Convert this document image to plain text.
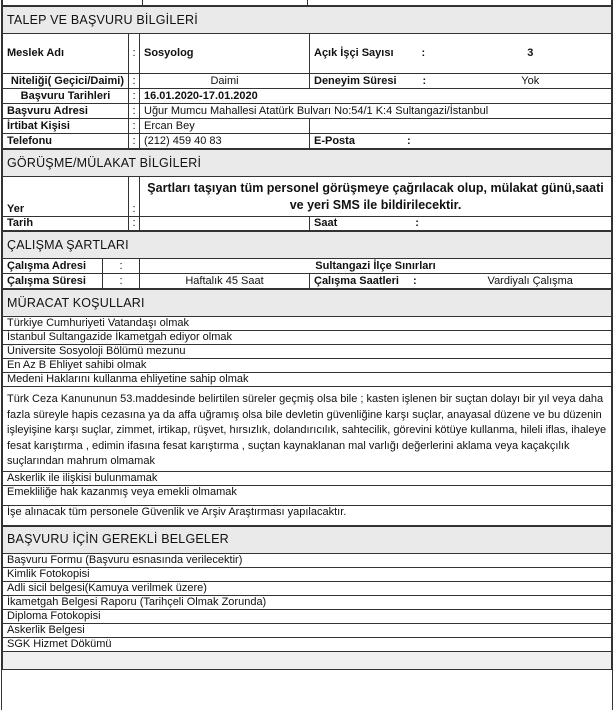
TALEP VE BAŞVURU BİLGİLERİ				
Meslek Adı	:	Sosyolog	Açık İşçi Sayısı :	3
Niteliği( Geçici/Daimi)	:	Daimi	Deneyim Süresi :	Yok
Başvuru Tarihleri	:	16.01.2020-17.01.2020		
Başvuru Adresi	:	Uğur Mumcu Mahallesi Atatürk Bulvarı No:54/1 K:4 Sultangazi/İstanbul		
İrtibat Kişisi	:	Ercan Bey		
Telefonu	:	(212) 459 40 83	E-Posta :	
GÖRÜŞME/MÜLAKAT BİLGİLERİ			
Yer	:	Şartları taşıyan tüm personel görüşmeye çağrılacak olup, mülakat günü,saati ve yeri SMS ile bildirilecektir.	
Tarih	:		Saat :
ÇALIŞMA ŞARTLARI				
Çalışma Adresi	:	Sultangazi İlçe Sınırları		
Çalışma Süresi	:	Haftalık 45 Saat	Çalışma Saatleri :	Vardiyalı Çalışma
MÜRACAT KOŞULLARI
Türkiye Cumhuriyeti Vatandaşı olmak
İstanbul Sultangazide İkametgah ediyor olmak
Üniversite Sosyoloji Bölümü mezunu
En Az B Ehliyet sahibi olmak
Medeni Haklarını kullanma ehliyetine sahip olmak
Türk Ceza Kanununun 53.maddesinde belirtilen süreler geçmiş olsa bile ; kasten işlenen bir suçtan dolayı bir yıl veya daha fazla süreyle hapis cezasına ya da affa uğramış olsa bile devletin güvenliğine karşı suçlar, anayasal düzene ve bu düzenin işleyişine karşı suçlar, zimmet, irtikap, rüşvet, hırsızlık, dolandırıcılık, sahtecilik, görevini kötüye kullanma, hileli iflas, ihaleye fesat karıştırma , edimin ifasına fesat karıştırma , suçtan kaynaklanan mal varlığı değerlerini aklama veya kaçakçılık suçlarından mahrum olmamak
Askerlik ile ilişkisi bulunmamak
Emekliliğe hak kazanmış veya emekli olmamak
İşe alınacak tüm personele Güvenlik ve Arşiv Araştırması yapılacaktır.
BAŞVURU İÇİN GEREKLİ BELGELER
Başvuru Formu (Başvuru esnasında verilecektir)
Kimlik Fotokopisi
Adli sicil belgesi(Kamuya verilmek üzere)
İkametgah Belgesi Raporu (Tarihçeli Olmak Zorunda)
Diploma Fotokopisi
Askerlik Belgesi
SGK Hizmet Dökümü
